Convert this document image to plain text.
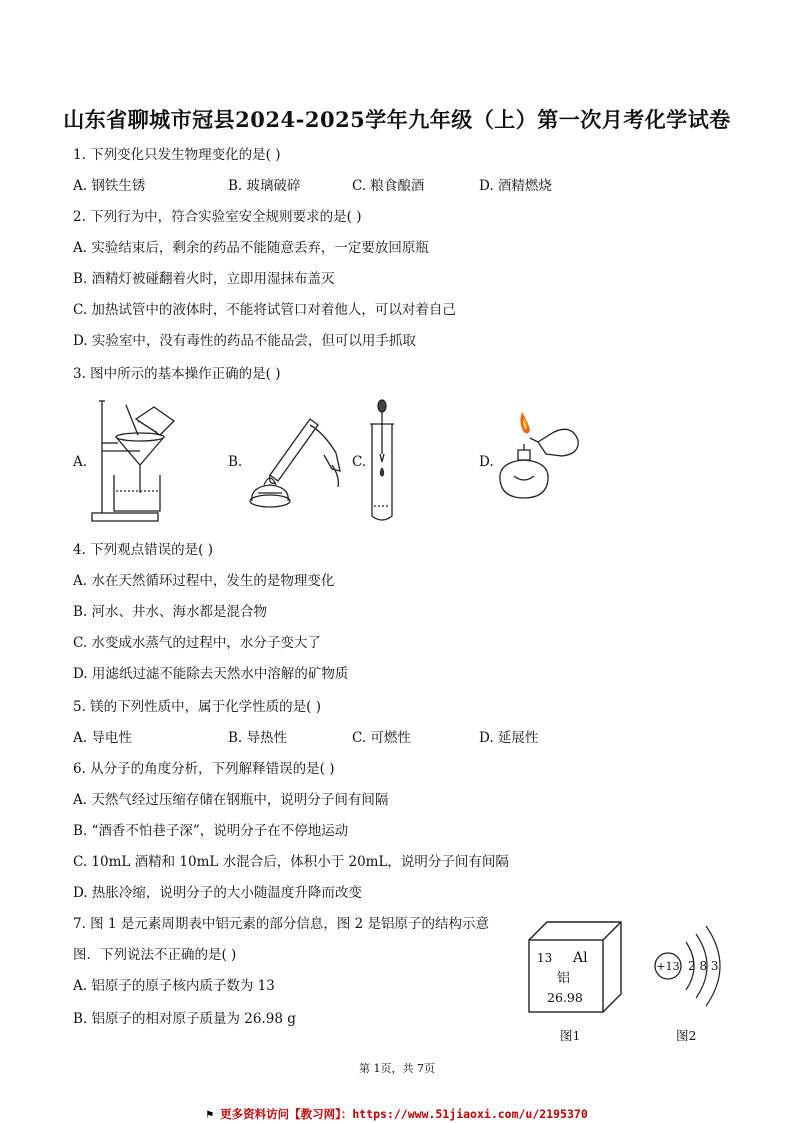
山东省聊城市冠县2024-2025学年九年级（上）第一次月考化学试卷
1. 下列变化只发生物理变化的是( )
A. 钢铁生锈	B. 玻璃破碎	C. 粮食酿酒	D. 酒精燃烧
2. 下列行为中，符合实验室安全规则要求的是( )
A. 实验结束后，剩余的药品不能随意丢弃，一定要放回原瓶
B. 酒精灯被碰翻着火时，立即用湿抹布盖灭
C. 加热试管中的液体时，不能将试管口对着他人，可以对着自己
D. 实验室中，没有毒性的药品不能品尝，但可以用手抓取
3. 图中所示的基本操作正确的是( )
A.	B.	C.	D.
4. 下列观点错误的是( )
A. 水在天然循环过程中，发生的是物理变化
B. 河水、井水、海水都是混合物
C. 水变成水蒸气的过程中，水分子变大了
D. 用滤纸过滤不能除去天然水中溶解的矿物质
5. 镁的下列性质中，属于化学性质的是( )
A. 导电性	B. 导热性	C. 可燃性	D. 延展性
6. 从分子的角度分析，下列解释错误的是( )
A. 天然气经过压缩存储在钢瓶中，说明分子间有间隔
B. “酒香不怕巷子深”，说明分子在不停地运动
C. 10mL 酒精和 10mL 水混合后，体积小于 20mL，说明分子间有间隔
D. 热胀冷缩，说明分子的大小随温度升降而改变
7. 图 1 是元素周期表中铝元素的部分信息，图 2 是铝原子的结构示意
图．下列说法不正确的是( )
A. 铝原子的原子核内质子数为 13
B. 铝原子的相对原子质量为 26.98 g
13 Al
铝
26.98
图1
+13 2 8 3
图2
第 1页，共 7页
⚑ 更多资料访问【教习网】：https://www.51jiaoxi.com/u/2195370
